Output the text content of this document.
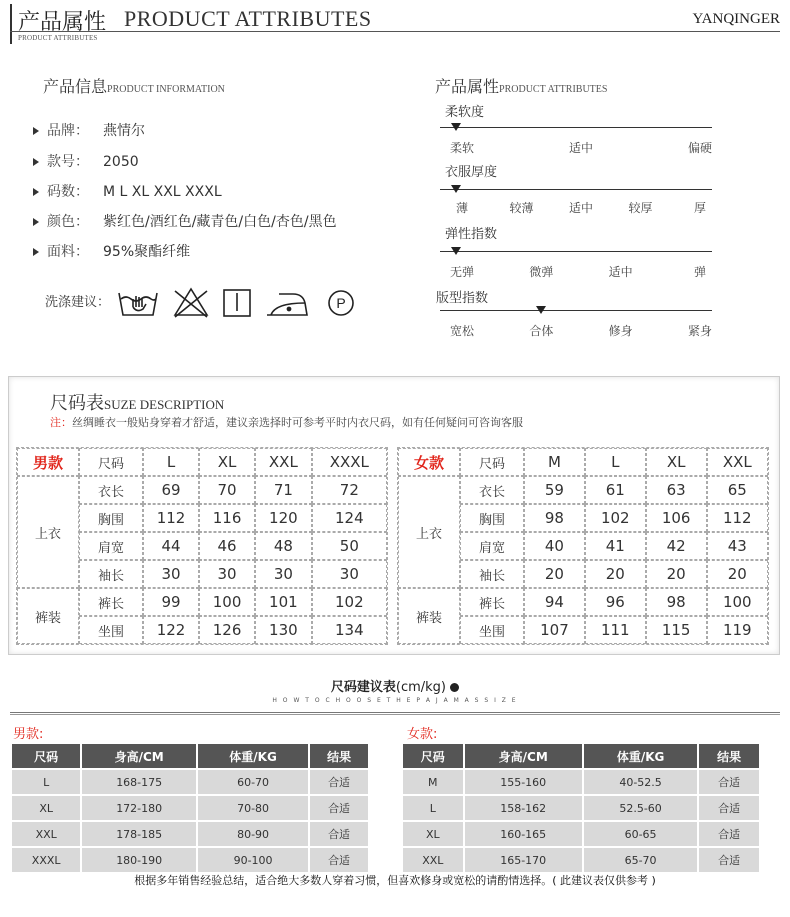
产品属性 PRODUCT ATTRIBUTES
PRODUCT ATTRIBUTES
YANQINGER
产品信息PRODUCT INFORMATION
品牌： 燕情尔
款号： 2050
码数： M L XL XXL XXXL
颜色： 紫红色/酒红色/藏青色/白色/杏色/黑色
面料： 95%聚酯纤维
洗涤建议：	P
产品属性PRODUCT ATTRIBUTES
柔软度
柔软	适中	偏硬
衣服厚度
薄	较薄	适中	较厚	厚
弹性指数
无弹	微弹	适中	弹
版型指数
宽松	合体	修身	紧身
尺码表SUZE DESCRIPTION
注：丝绸睡衣一般贴身穿着才舒适，建议亲选择时可参考平时内衣尺码，如有任何疑问可咨询客服
男款	尺码	L	XL	XXL	XXXL
上衣	衣长	69	70	71	72
	胸围	112	116	120	124
	肩宽	44	46	48	50
	袖长	30	30	30	30
裤装	裤长	99	100	101	102
	坐围	122	126	130	134
女款	尺码	M	L	XL	XXL
上衣	衣长	59	61	63	65
	胸围	98	102	106	112
	肩宽	40	41	42	43
	袖长	20	20	20	20
裤装	裤长	94	96	98	100
	坐围	107	111	115	119
尺码建议表(cm/kg)
H O W T O C H O O S E T H E P A J A M A S S I Z E
男款:	女款:
尺码	身高/CM	体重/KG	结果
L	168-175	60-70	合适
XL	172-180	70-80	合适
XXL	178-185	80-90	合适
XXXL	180-190	90-100	合适
尺码	身高/CM	体重/KG	结果
M	155-160	40-52.5	合适
L	158-162	52.5-60	合适
XL	160-165	60-65	合适
XXL	165-170	65-70	合适
根据多年销售经验总结，适合绝大多数人穿着习惯，但喜欢修身或宽松的请酌情选择。( 此建议表仅供参考 )
